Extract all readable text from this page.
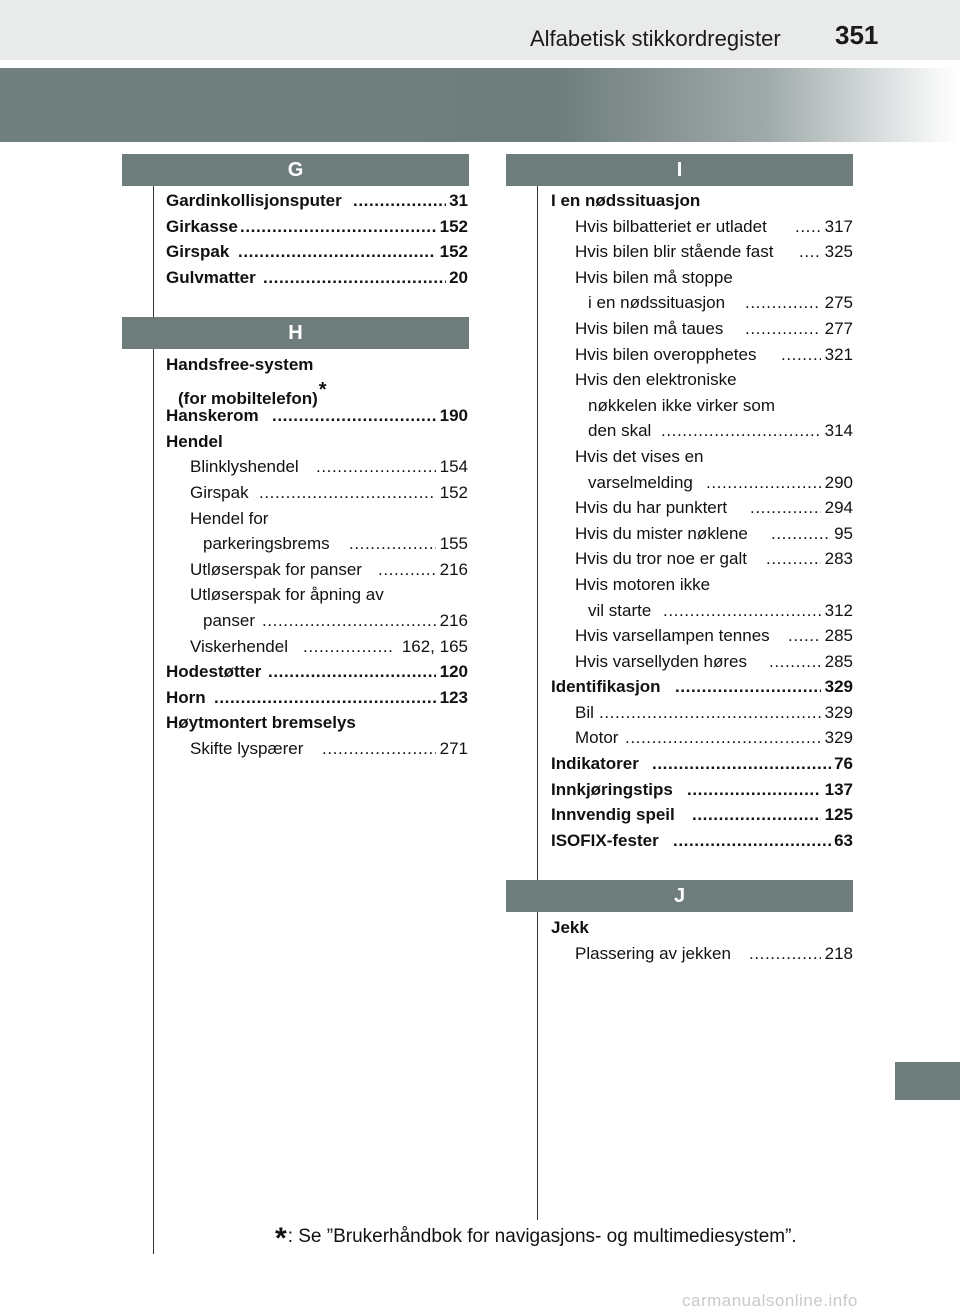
Alfabetisk stikkordregister 351
G
Gardinkollisjonsputer .....	31
Girkasse .....	152
Girspak .....	152
Gulvmatter .....	20
H
Handsfree-system
(for mobiltelefon)*
Hanskerom .....	190
Hendel
Blinklyshendel .....	154
Girspak .....	152
Hendel for
parkeringsbrems .....	155
Utløserspak for panser .....	216
Utløserspak for åpning av
panser .....	216
Viskerhendel .....	162, 165
Hodestøtter .....	120
Horn .....	123
Høytmontert bremselys
Skifte lyspærer .....	271
I
I en nødssituasjon
Hvis bilbatteriet er utladet .....	317
Hvis bilen blir stående fast .....	325
Hvis bilen må stoppe
i en nødssituasjon .....	275
Hvis bilen må taues .....	277
Hvis bilen overopphetes .....	321
Hvis den elektroniske
nøkkelen ikke virker som
den skal .....	314
Hvis det vises en
varselmelding .....	290
Hvis du har punktert .....	294
Hvis du mister nøklene .....	95
Hvis du tror noe er galt .....	283
Hvis motoren ikke
vil starte .....	312
Hvis varsellampen tennes .....	285
Hvis varsellyden høres .....	285
Identifikasjon .....	329
Bil .....	329
Motor .....	329
Indikatorer .....	76
Innkjøringstips .....	137
Innvendig speil .....	125
ISOFIX-fester .....	63
J
Jekk
Plassering av jekken .....	218
*: Se ”Brukerhåndbok for navigasjons- og multimediesystem”.
carmanualsonline.info
